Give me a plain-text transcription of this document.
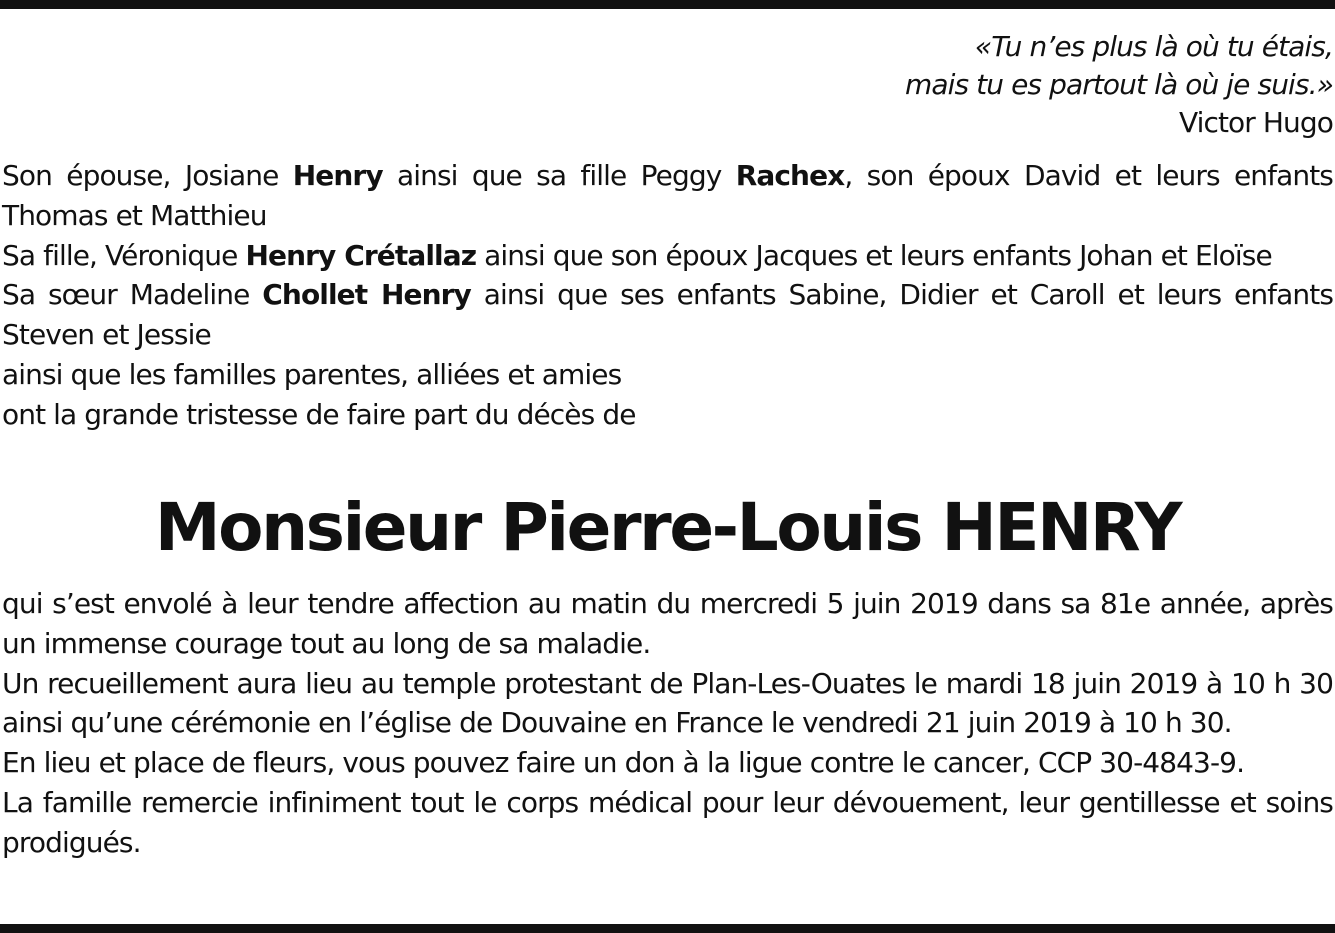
«Tu n’es plus là où tu étais,
mais tu es partout là où je suis.»
Victor Hugo

Son épouse, Josiane Henry ainsi que sa fille Peggy Rachex, son époux David et leurs enfants Thomas et Matthieu

Sa fille, Véronique Henry Crétallaz ainsi que son époux Jacques et leurs enfants Johan et Eloïse

Sa sœur Madeline Chollet Henry ainsi que ses enfants Sabine, Didier et Caroll et leurs enfants Steven et Jessie

ainsi que les familles parentes, alliées et amies

ont la grande tristesse de faire part du décès de

Monsieur Pierre-Louis HENRY

qui s’est envolé à leur tendre affection au matin du mercredi 5 juin 2019 dans sa 81e année, après un immense courage tout au long de sa maladie.

Un recueillement aura lieu au temple protestant de Plan-Les-Ouates le mardi 18 juin 2019 à 10 h 30 ainsi qu’une cérémonie en l’église de Douvaine en France le vendredi 21 juin 2019 à 10 h 30.

En lieu et place de fleurs, vous pouvez faire un don à la ligue contre le cancer, CCP 30-4843-9.

La famille remercie infiniment tout le corps médical pour leur dévouement, leur gentillesse et soins prodigués.
